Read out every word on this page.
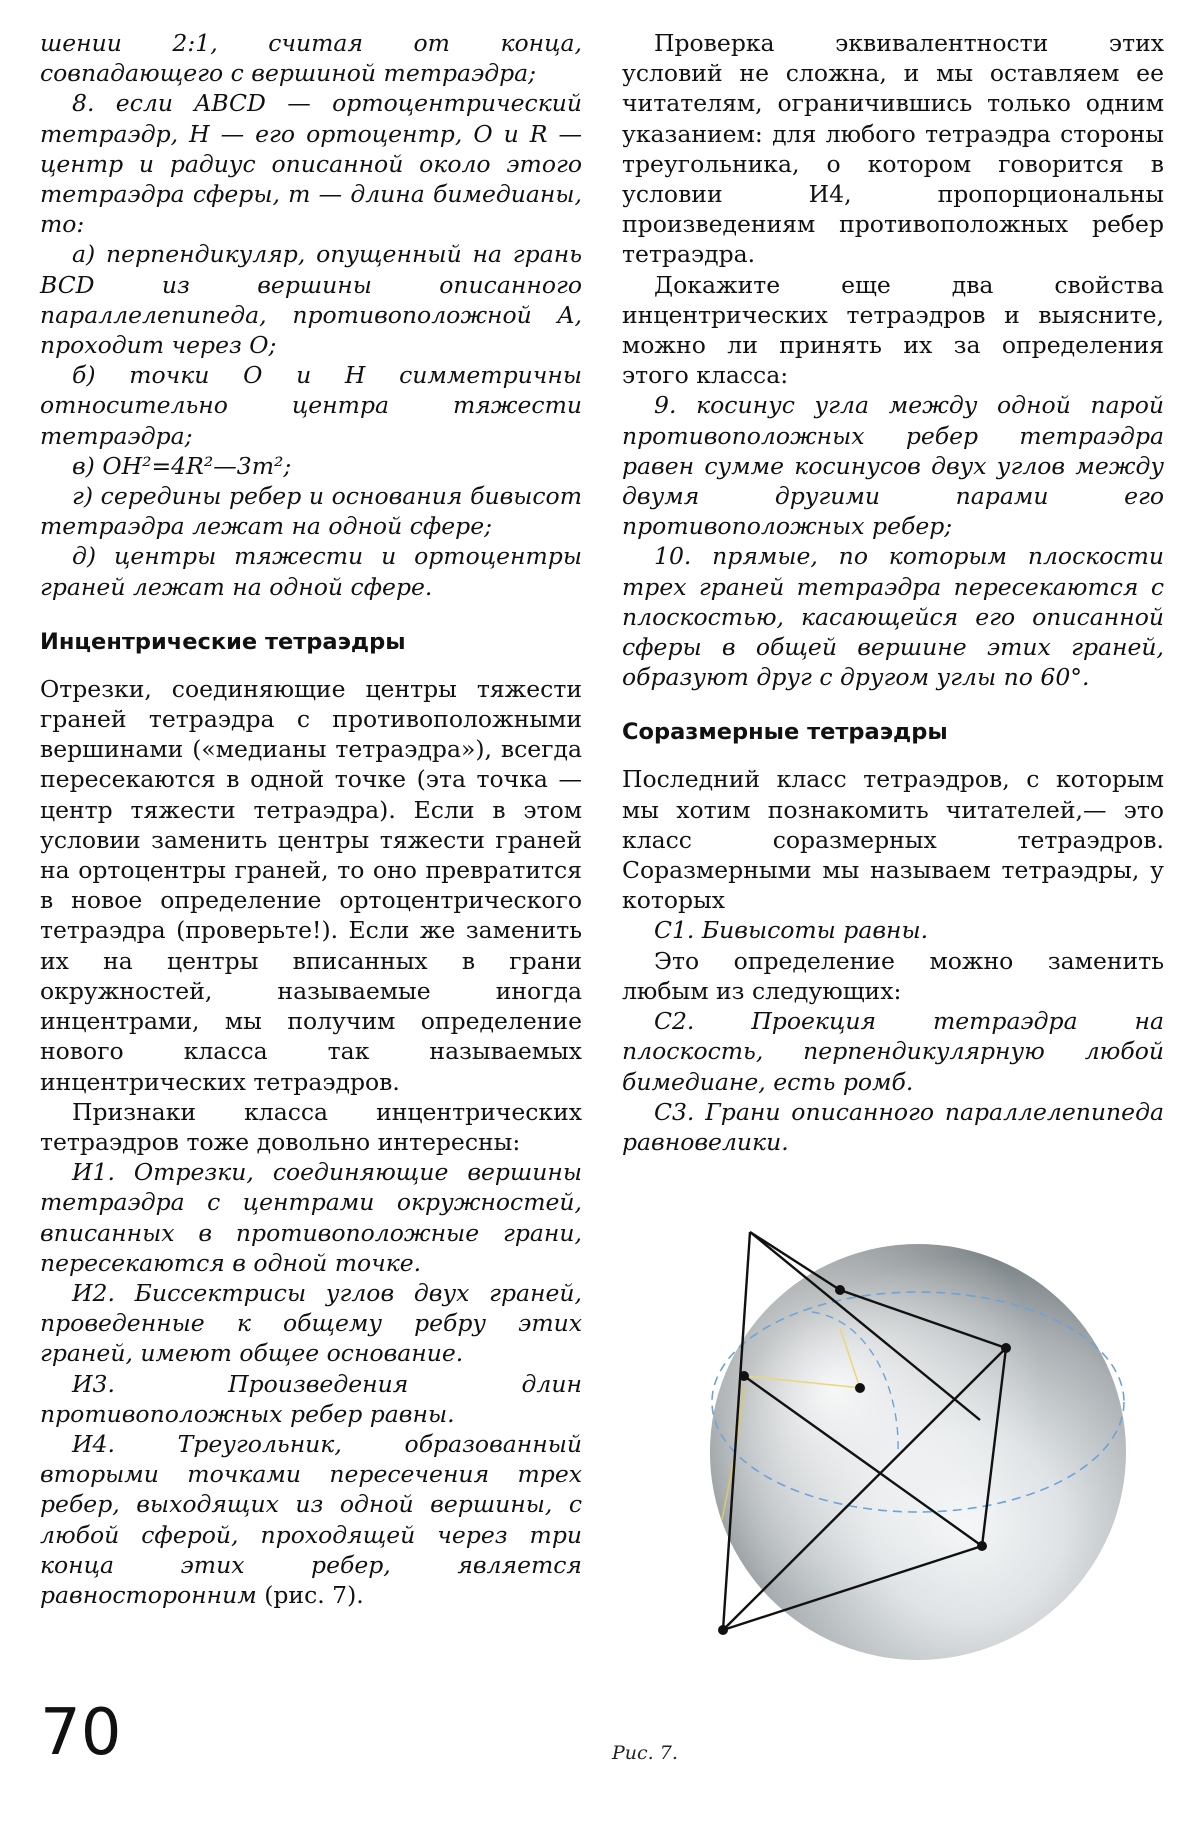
шении 2:1, считая от конца, совпадающего с вершиной тетраэдра;

8. если ABCD — ортоцентрический тетраэдр, H — его ортоцентр, O и R — центр и радиус описанной около этого тетраэдра сферы, m — длина бимедианы, то:

а) перпендикуляр, опущенный на грань BCD из вершины описанного параллелепипеда, противоположной A, проходит через O;

б) точки O и H симметричны относительно центра тяжести тетраэдра;

в) OH²=4R²—3m²;

г) середины ребер и основания бивысот тетраэдра лежат на одной сфере;

д) центры тяжести и ортоцентры граней лежат на одной сфере.

Инцентрические тетраэдры

Отрезки, соединяющие центры тяжести граней тетраэдра с противоположными вершинами («медианы тетраэдра»), всегда пересекаются в одной точке (эта точка — центр тяжести тетраэдра). Если в этом условии заменить центры тяжести граней на ортоцентры граней, то оно превратится в новое определение ортоцентрического тетраэдра (проверьте!). Если же заменить их на центры вписанных в грани окружностей, называемые иногда инцентрами, мы получим определение нового класса так называемых инцентрических тетраэдров.

Признаки класса инцентрических тетраэдров тоже довольно интересны:

И1. Отрезки, соединяющие вершины тетраэдра с центрами окружностей, вписанных в противоположные грани, пересекаются в одной точке.

И2. Биссектрисы углов двух граней, проведенные к общему ребру этих граней, имеют общее основание.

И3. Произведения длин противоположных ребер равны.

И4. Треугольник, образованный вторыми точками пересечения трех ребер, выходящих из одной вершины, с любой сферой, проходящей через три конца этих ребер, является равносторонним (рис. 7).

Проверка эквивалентности этих условий не сложна, и мы оставляем ее читателям, ограничившись только одним указанием: для любого тетраэдра стороны треугольника, о котором говорится в условии И4, пропорциональны произведениям противоположных ребер тетраэдра.

Докажите еще два свойства инцентрических тетраэдров и выясните, можно ли принять их за определения этого класса:

9. косинус угла между одной парой противоположных ребер тетраэдра равен сумме косинусов двух углов между двумя другими парами его противоположных ребер;

10. прямые, по которым плоскости трех граней тетраэдра пересекаются с плоскостью, касающейся его описанной сферы в общей вершине этих граней, образуют друг с другом углы по 60°.

Соразмерные тетраэдры

Последний класс тетраэдров, с которым мы хотим познакомить читателей,— это класс соразмерных тетраэдров. Соразмерными мы называем тетраэдры, у которых

С1. Бивысоты равны.

Это определение можно заменить любым из следующих:

С2. Проекция тетраэдра на плоскость, перпендикулярную любой бимедиане, есть ромб.

С3. Грани описанного параллелепипеда равновелики.

Рис. 7.
70
